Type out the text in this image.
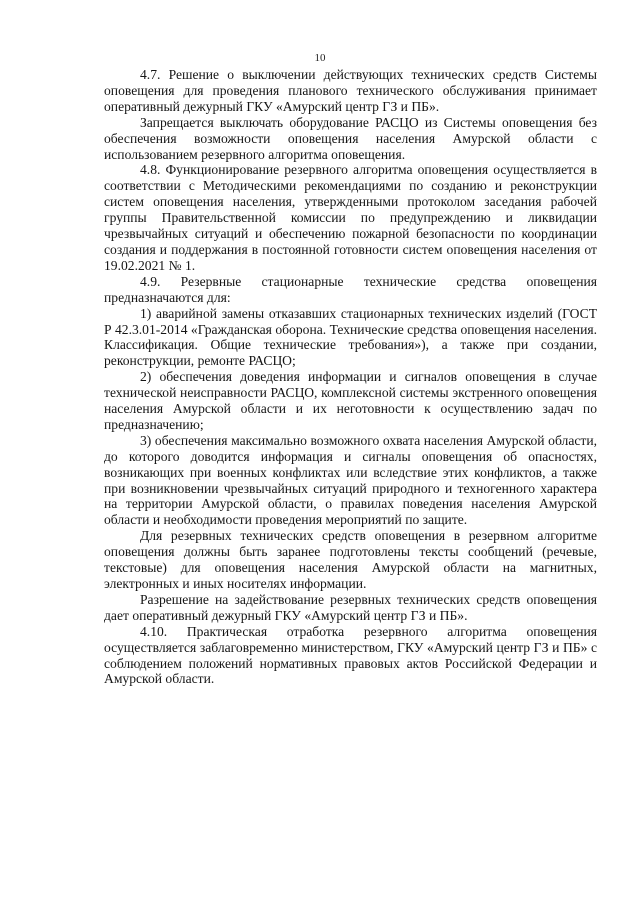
10

4.7. Решение о выключении действующих технических средств Системы оповещения для проведения планового технического обслуживания принимает оперативный дежурный ГКУ «Амурский центр ГЗ и ПБ».

Запрещается выключать оборудование РАСЦО из Системы оповещения без обеспечения возможности оповещения населения Амурской области с использованием резервного алгоритма оповещения.

4.8. Функционирование резервного алгоритма оповещения осуществляется в соответствии с Методическими рекомендациями по созданию и реконструкции систем оповещения населения, утвержденными протоколом заседания рабочей группы Правительственной комиссии по предупреждению и ликвидации чрезвычайных ситуаций и обеспечению пожарной безопасности по координации создания и поддержания в постоянной готовности систем оповещения населения от 19.02.2021 № 1.

4.9. Резервные стационарные технические средства оповещения предназначаются для:

1) аварийной замены отказавших стационарных технических изделий (ГОСТ Р 42.3.01-2014 «Гражданская оборона. Технические средства оповещения населения. Классификация. Общие технические требования»), а также при создании, реконструкции, ремонте РАСЦО;

2) обеспечения доведения информации и сигналов оповещения в случае технической неисправности РАСЦО, комплексной системы экстренного оповещения населения Амурской области и их неготовности к осуществлению задач по предназначению;

3) обеспечения максимально возможного охвата населения Амурской области, до которого доводится информация и сигналы оповещения об опасностях, возникающих при военных конфликтах или вследствие этих конфликтов, а также при возникновении чрезвычайных ситуаций природного и техногенного характера на территории Амурской области, о правилах поведения населения Амурской области и необходимости проведения мероприятий по защите.

Для резервных технических средств оповещения в резервном алгоритме оповещения должны быть заранее подготовлены тексты сообщений (речевые, текстовые) для оповещения населения Амурской области на магнитных, электронных и иных носителях информации.

Разрешение на задействование резервных технических средств оповещения дает оперативный дежурный ГКУ «Амурский центр ГЗ и ПБ».

4.10. Практическая отработка резервного алгоритма оповещения осуществляется заблаговременно министерством, ГКУ «Амурский центр ГЗ и ПБ» с соблюдением положений нормативных правовых актов Российской Федерации и Амурской области.
